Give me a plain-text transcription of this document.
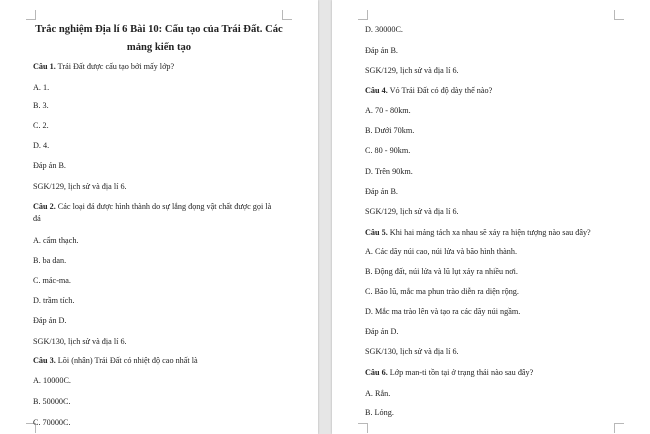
Trắc nghiệm Địa lí 6 Bài 10: Cấu tạo của Trái Đất. Các
mảng kiến tạo
Câu 1. Trái Đất được cấu tạo bởi mấy lớp?
A. 1.
B. 3.
C. 2.
D. 4.
Đáp án B.
SGK/129, lịch sử và địa lí 6.
Câu 2. Các loại đá được hình thành do sự lắng đọng vật chất được gọi là
đá
A. cẩm thạch.
B. ba dan.
C. mác-ma.
D. trầm tích.
Đáp án D.
SGK/130, lịch sử và địa lí 6.
Câu 3. Lõi (nhân) Trái Đất có nhiệt độ cao nhất là
A. 10000C.
B. 50000C.
C. 70000C.
D. 30000C.
Đáp án B.
SGK/129, lịch sử và địa lí 6.
Câu 4. Vỏ Trái Đất có độ dày thế nào?
A. 70 - 80km.
B. Dưới 70km.
C. 80 - 90km.
D. Trên 90km.
Đáp án B.
SGK/129, lịch sử và địa lí 6.
Câu 5. Khi hai mảng tách xa nhau sẽ xảy ra hiện tượng nào sau đây?
A. Các dãy núi cao, núi lửa và bão hình thành.
B. Động đất, núi lửa và lũ lụt xảy ra nhiều nơi.
C. Bão lũ, mắc ma phun trào diễn ra diện rộng.
D. Mắc ma trào lên và tạo ra các dãy núi ngầm.
Đáp án D.
SGK/130, lịch sử và địa lí 6.
Câu 6. Lớp man-ti tồn tại ở trạng thái nào sau đây?
A. Rắn.
B. Lỏng.
